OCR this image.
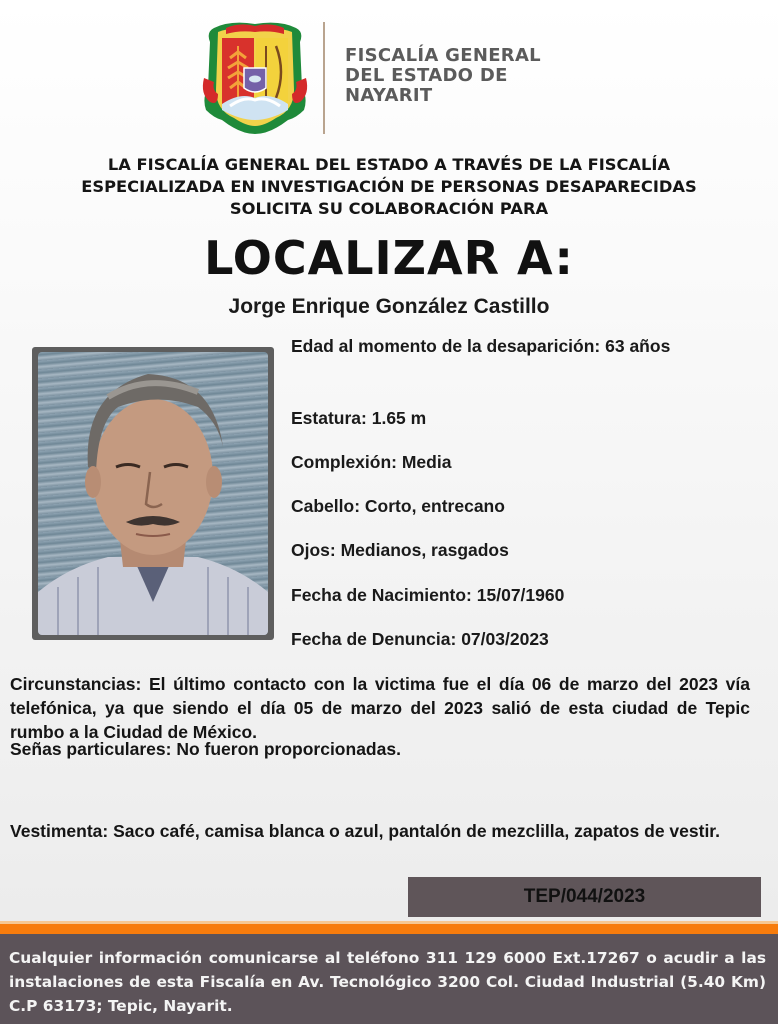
FISCALÍA GENERAL
DEL ESTADO DE
NAYARIT
LA FISCALÍA GENERAL DEL ESTADO A TRAVÉS DE LA FISCALÍA
ESPECIALIZADA EN INVESTIGACIÓN DE PERSONAS DESAPARECIDAS
SOLICITA SU COLABORACIÓN PARA
LOCALIZAR A:
Jorge Enrique González Castillo
Edad al momento de la desaparición: 63 años
Estatura: 1.65 m
Complexión: Media
Cabello: Corto, entrecano
Ojos: Medianos, rasgados
Fecha de Nacimiento: 15/07/1960
Fecha de Denuncia: 07/03/2023
Circunstancias: El último contacto con la victima fue el día 06 de marzo del 2023 vía telefónica, ya que siendo el día 05 de marzo del 2023 salió de esta ciudad de Tepic rumbo a la Ciudad de México.
Señas particulares: No fueron proporcionadas.
Vestimenta: Saco café, camisa blanca o azul, pantalón de mezclilla, zapatos de vestir.
TEP/044/2023
Cualquier información comunicarse al teléfono 311 129 6000 Ext.17267 o acudir a las instalaciones de esta Fiscalía en Av. Tecnológico 3200 Col. Ciudad Industrial (5.40 Km) C.P 63173; Tepic, Nayarit.
